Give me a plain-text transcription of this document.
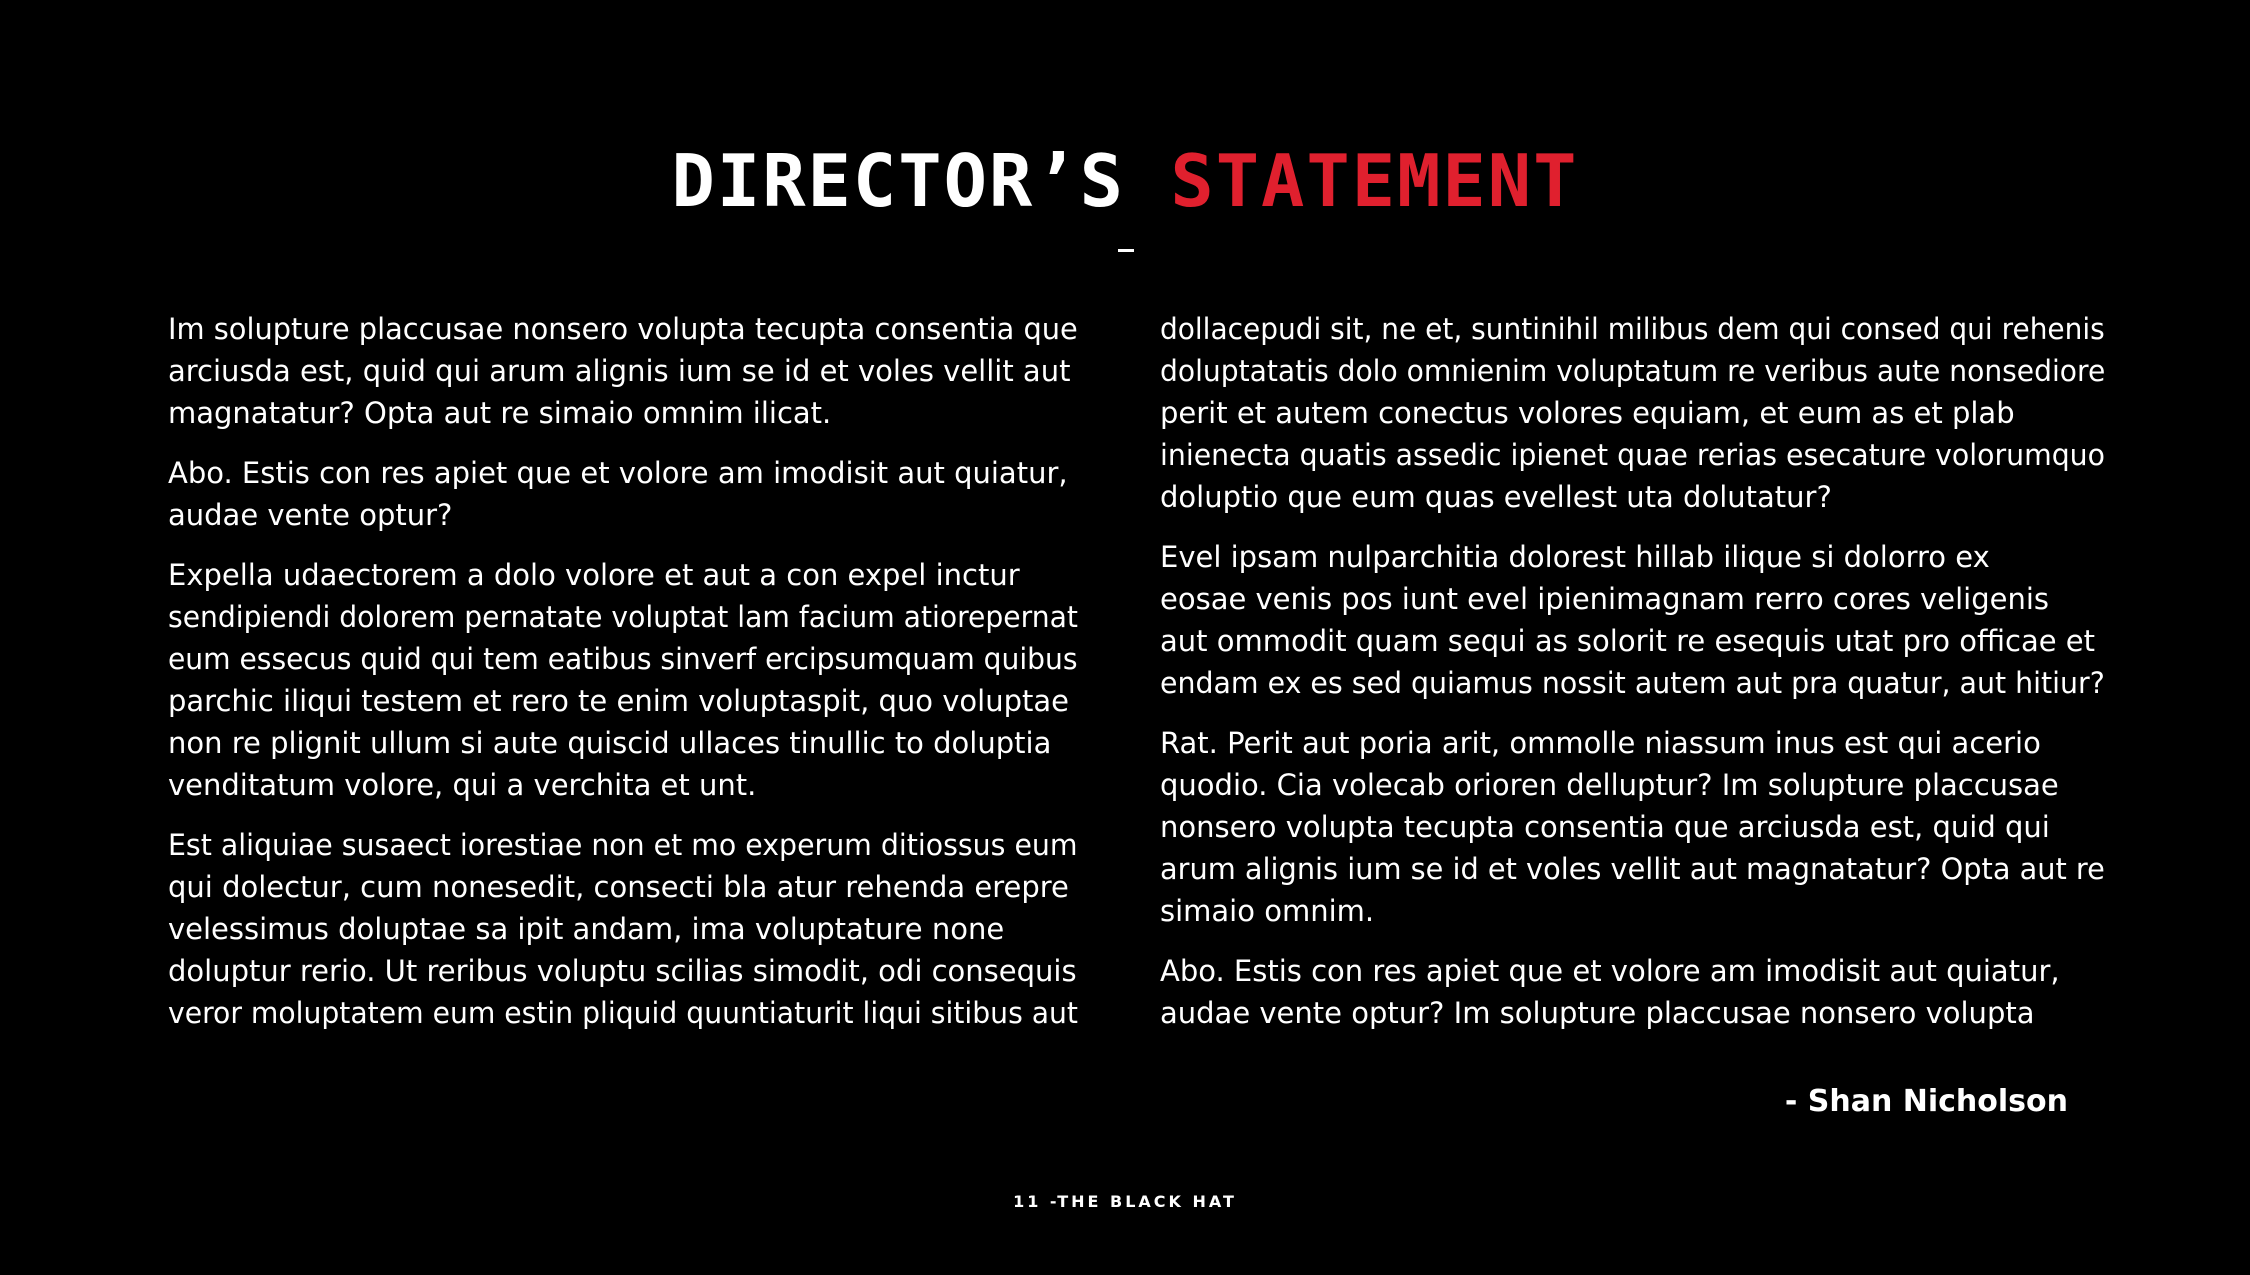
DIRECTOR’S STATEMENT

Im solupture placcusae nonsero volupta tecupta consentia que
arciusda est, quid qui arum alignis ium se id et voles vellit aut
magnatatur? Opta aut re simaio omnim ilicat.

Abo. Estis con res apiet que et volore am imodisit aut quiatur,
audae vente optur?

Expella udaectorem a dolo volore et aut a con expel inctur
sendipiendi dolorem pernatate voluptat lam facium atiorepernat
eum essecus quid qui tem eatibus sinverf ercipsumquam quibus
parchic iliqui testem et rero te enim voluptaspit, quo voluptae
non re plignit ullum si aute quiscid ullaces tinullic to doluptia
venditatum volore, qui a verchita et unt.

Est aliquiae susaect iorestiae non et mo experum ditiossus eum
qui dolectur, cum nonesedit, consecti bla atur rehenda erepre
velessimus doluptae sa ipit andam, ima voluptature none
doluptur rerio. Ut reribus voluptu scilias simodit, odi consequis
veror moluptatem eum estin pliquid quuntiaturit liqui sitibus aut

dollacepudi sit, ne et, suntinihil milibus dem qui consed qui rehenis
doluptatatis dolo omnienim voluptatum re veribus aute nonsediore
perit et autem conectus volores equiam, et eum as et plab
inienecta quatis assedic ipienet quae rerias esecature volorumquo
doluptio que eum quas evellest uta dolutatur?

Evel ipsam nulparchitia dolorest hillab ilique si dolorro ex
eosae venis pos iunt evel ipienimagnam rerro cores veligenis
aut ommodit quam sequi as solorit re esequis utat pro officae et
endam ex es sed quiamus nossit autem aut pra quatur, aut hitiur?

Rat. Perit aut poria arit, ommolle niassum inus est qui acerio
quodio. Cia volecab orioren delluptur? Im solupture placcusae
nonsero volupta tecupta consentia que arciusda est, quid qui
arum alignis ium se id et voles vellit aut magnatatur? Opta aut re
simaio omnim.

Abo. Estis con res apiet que et volore am imodisit aut quiatur,
audae vente optur? Im solupture placcusae nonsero volupta

- Shan Nicholson
11 -THE BLACK HAT
